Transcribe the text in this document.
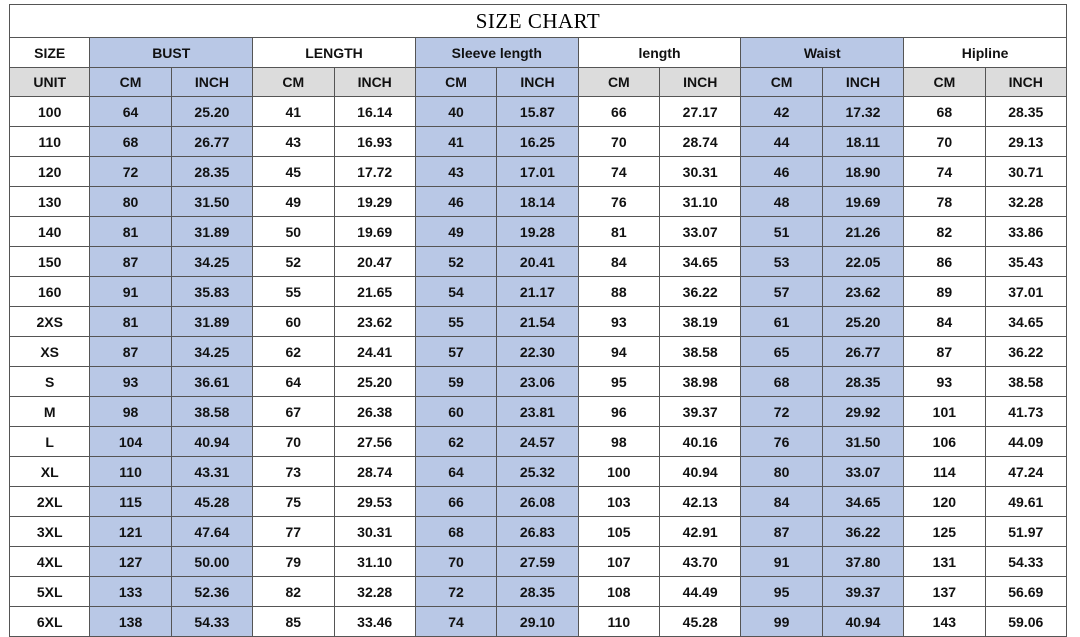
SIZE CHART
SIZE	BUST		LENGTH		Sleeve length		length		Waist		Hipline	
UNIT	CM	INCH	CM	INCH	CM	INCH	CM	INCH	CM	INCH	CM	INCH
100	64	25.20	41	16.14	40	15.87	66	27.17	42	17.32	68	28.35
110	68	26.77	43	16.93	41	16.25	70	28.74	44	18.11	70	29.13
120	72	28.35	45	17.72	43	17.01	74	30.31	46	18.90	74	30.71
130	80	31.50	49	19.29	46	18.14	76	31.10	48	19.69	78	32.28
140	81	31.89	50	19.69	49	19.28	81	33.07	51	21.26	82	33.86
150	87	34.25	52	20.47	52	20.41	84	34.65	53	22.05	86	35.43
160	91	35.83	55	21.65	54	21.17	88	36.22	57	23.62	89	37.01
2XS	81	31.89	60	23.62	55	21.54	93	38.19	61	25.20	84	34.65
XS	87	34.25	62	24.41	57	22.30	94	38.58	65	26.77	87	36.22
S	93	36.61	64	25.20	59	23.06	95	38.98	68	28.35	93	38.58
M	98	38.58	67	26.38	60	23.81	96	39.37	72	29.92	101	41.73
L	104	40.94	70	27.56	62	24.57	98	40.16	76	31.50	106	44.09
XL	110	43.31	73	28.74	64	25.32	100	40.94	80	33.07	114	47.24
2XL	115	45.28	75	29.53	66	26.08	103	42.13	84	34.65	120	49.61
3XL	121	47.64	77	30.31	68	26.83	105	42.91	87	36.22	125	51.97
4XL	127	50.00	79	31.10	70	27.59	107	43.70	91	37.80	131	54.33
5XL	133	52.36	82	32.28	72	28.35	108	44.49	95	39.37	137	56.69
6XL	138	54.33	85	33.46	74	29.10	110	45.28	99	40.94	143	59.06
